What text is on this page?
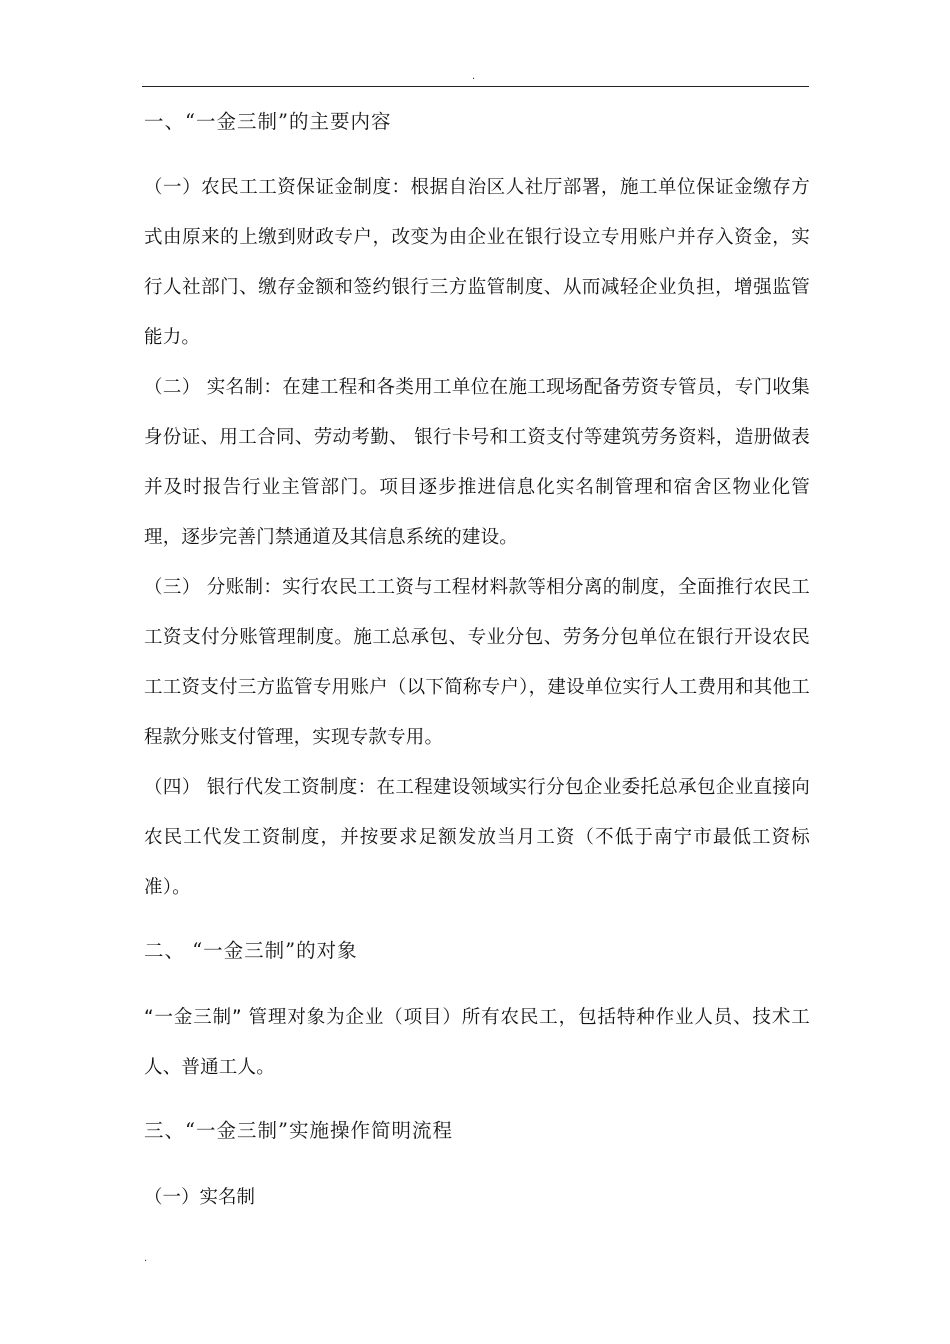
.
一、“一金三制”的主要内容

（一）农民工工资保证金制度：根据自治区人社厅部署，施工单位保证金缴存方式由原来的上缴到财政专户，改变为由企业在银行设立专用账户并存入资金，实行人社部门、缴存金额和签约银行三方监管制度、从而减轻企业负担，增强监管能力。

（二） 实名制：在建工程和各类用工单位在施工现场配备劳资专管员，专门收集身份证、用工合同、劳动考勤、 银行卡号和工资支付等建筑劳务资料，造册做表并及时报告行业主管部门。项目逐步推进信息化实名制管理和宿舍区物业化管理，逐步完善门禁通道及其信息系统的建设。

（三） 分账制：实行农民工工资与工程材料款等相分离的制度，全面推行农民工工资支付分账管理制度。施工总承包、专业分包、劳务分包单位在银行开设农民工工资支付三方监管专用账户（以下简称专户），建设单位实行人工费用和其他工程款分账支付管理，实现专款专用。

（四） 银行代发工资制度：在工程建设领域实行分包企业委托总承包企业直接向农民工代发工资制度，并按要求足额发放当月工资（不低于南宁市最低工资标准）。

二、 “一金三制”的对象

“一金三制” 管理对象为企业（项目）所有农民工，包括特种作业人员、技术工人、普通工人。

三、“一金三制”实施操作简明流程

（一）实名制

.
